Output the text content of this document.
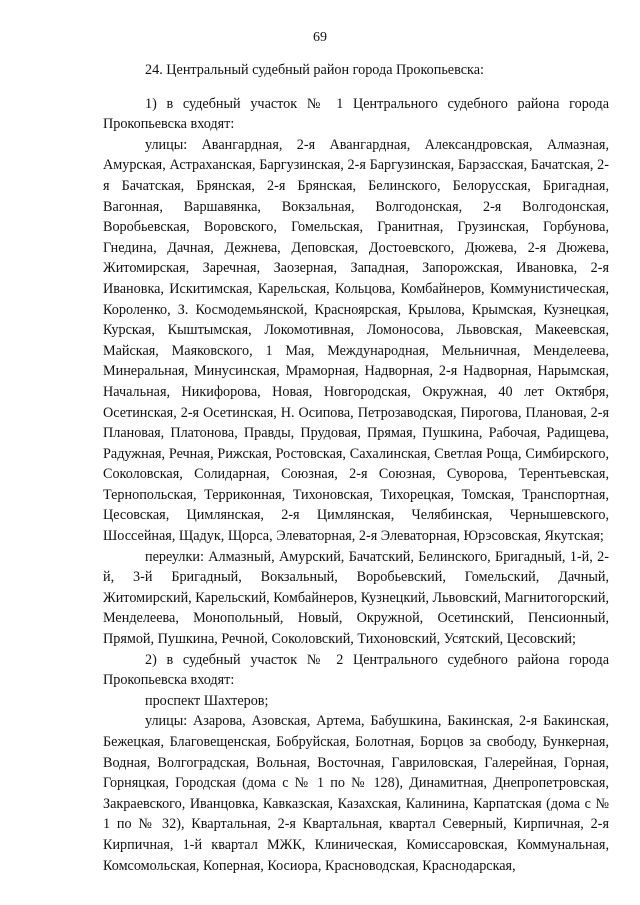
69

24. Центральный судебный район города Прокопьевска:

1) в судебный участок № 1 Центрального судебного района города Прокопьевска входят:

улицы: Авангардная, 2-я Авангардная, Александровская, Алмазная, Амурская, Астраханская, Баргузинская, 2-я Баргузинская, Барзасская, Бачатская, 2-я Бачатская, Брянская, 2-я Брянская, Белинского, Белорусская, Бригадная, Вагонная, Варшавянка, Вокзальная, Волгодонская, 2-я Волгодонская, Воробьевская, Воровского, Гомельская, Гранитная, Грузинская, Горбунова, Гнедина, Дачная, Дежнева, Деповская, Достоевского, Дюжева, 2-я Дюжева, Житомирская, Заречная, Заозерная, Западная, Запорожская, Ивановка, 2-я Ивановка, Искитимская, Карельская, Кольцова, Комбайнеров, Коммунистическая, Короленко, З. Космодемьянской, Красноярская, Крылова, Крымская, Кузнецкая, Курская, Кыштымская, Локомотивная, Ломоносова, Львовская, Макеевская, Майская, Маяковского, 1 Мая, Международная, Мельничная, Менделеева, Минеральная, Минусинская, Мраморная, Надворная, 2-я Надворная, Нарымская, Начальная, Никифорова, Новая, Новгородская, Окружная, 40 лет Октября, Осетинская, 2-я Осетинская, Н. Осипова, Петрозаводская, Пирогова, Плановая, 2-я Плановая, Платонова, Правды, Прудовая, Прямая, Пушкина, Рабочая, Радищева, Радужная, Речная, Рижская, Ростовская, Сахалинская, Светлая Роща, Симбирского, Соколовская, Солидарная, Союзная, 2-я Союзная, Суворова, Терентьевская, Тернопольская, Терриконная, Тихоновская, Тихорецкая, Томская, Транспортная, Цесовская, Цимлянская, 2-я Цимлянская, Челябинская, Чернышевского, Шоссейная, Щадук, Щорса, Элеваторная, 2-я Элеваторная, Юрэсовская, Якутская;

переулки: Алмазный, Амурский, Бачатский, Белинского, Бригадный, 1-й, 2-й, 3-й Бригадный, Вокзальный, Воробьевский, Гомельский, Дачный, Житомирский, Карельский, Комбайнеров, Кузнецкий, Львовский, Магнитогорский, Менделеева, Монопольный, Новый, Окружной, Осетинский, Пенсионный, Прямой, Пушкина, Речной, Соколовский, Тихоновский, Усятский, Цесовский;

2) в судебный участок № 2 Центрального судебного района города Прокопьевска входят:

проспект Шахтеров;

улицы: Азарова, Азовская, Артема, Бабушкина, Бакинская, 2-я Бакинская, Бежецкая, Благовещенская, Бобруйская, Болотная, Борцов за свободу, Бункерная, Водная, Волгоградская, Вольная, Восточная, Гавриловская, Галерейная, Горная, Горняцкая, Городская (дома с № 1 по № 128), Динамитная, Днепропетровская, Закраевского, Иванцовка, Кавказская, Казахская, Калинина, Карпатская (дома с № 1 по № 32), Квартальная, 2-я Квартальная, квартал Северный, Кирпичная, 2-я Кирпичная, 1-й квартал МЖК, Клиническая, Комиссаровская, Коммунальная, Комсомольская, Коперная, Косиора, Красноводская, Краснодарская,
